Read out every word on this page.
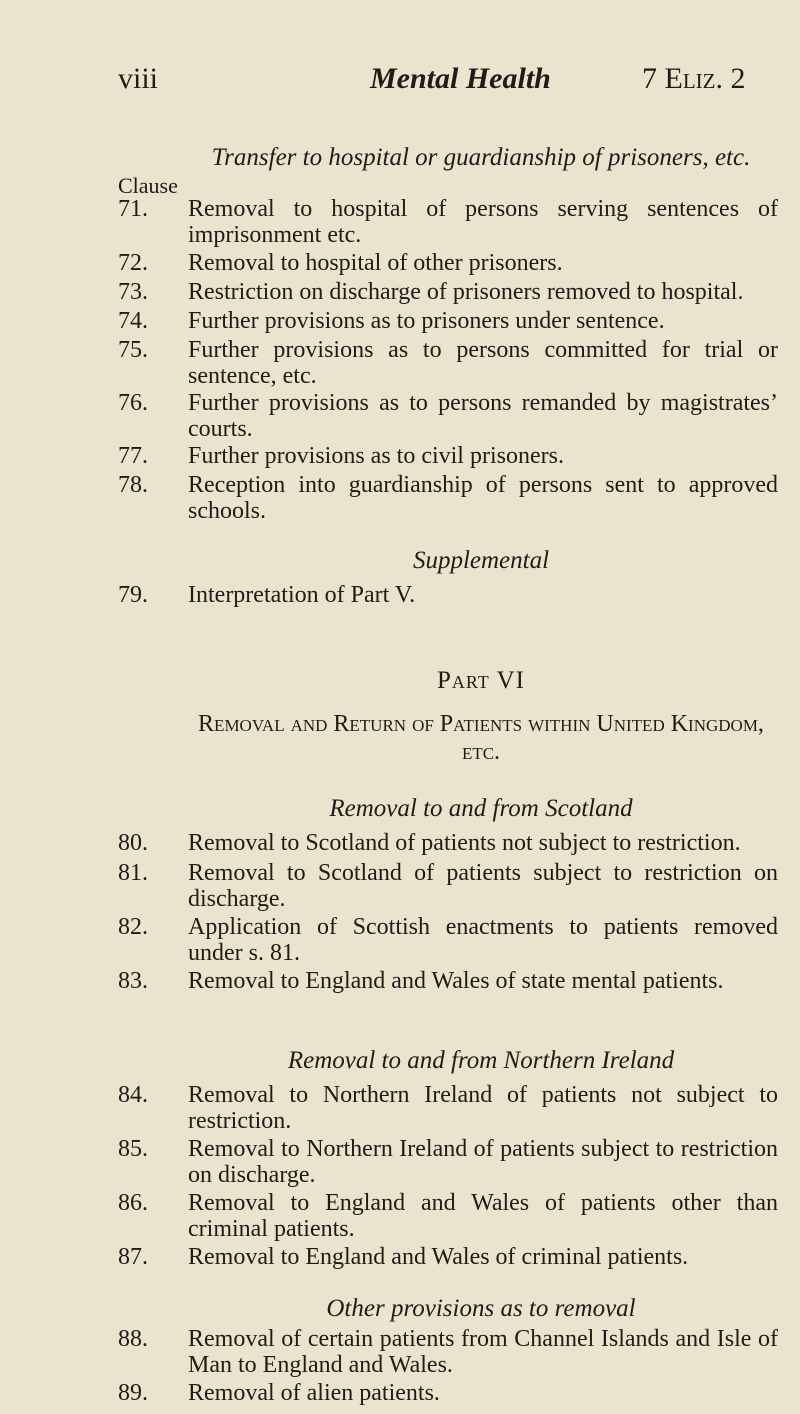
viii	Mental Health	7 Eliz. 2
Transfer to hospital or guardianship of prisoners, etc.
Clause
71.	Removal to hospital of persons serving sentences of imprisonment etc.
72.	Removal to hospital of other prisoners.
73.	Restriction on discharge of prisoners removed to hospital.
74.	Further provisions as to prisoners under sentence.
75.	Further provisions as to persons committed for trial or sentence, etc.
76.	Further provisions as to persons remanded by magistrates’ courts.
77.	Further provisions as to civil prisoners.
78.	Reception into guardianship of persons sent to approved schools.
Supplemental
79.	Interpretation of Part V.
Part VI
Removal and Return of Patients within United Kingdom, etc.
Removal to and from Scotland
80.	Removal to Scotland of patients not subject to restriction.
81.	Removal to Scotland of patients subject to restriction on discharge.
82.	Application of Scottish enactments to patients removed under s. 81.
83.	Removal to England and Wales of state mental patients.
Removal to and from Northern Ireland
84.	Removal to Northern Ireland of patients not subject to restriction.
85.	Removal to Northern Ireland of patients subject to restriction on discharge.
86.	Removal to England and Wales of patients other than criminal patients.
87.	Removal to England and Wales of criminal patients.
Other provisions as to removal
88.	Removal of certain patients from Channel Islands and Isle of Man to England and Wales.
89.	Removal of alien patients.
